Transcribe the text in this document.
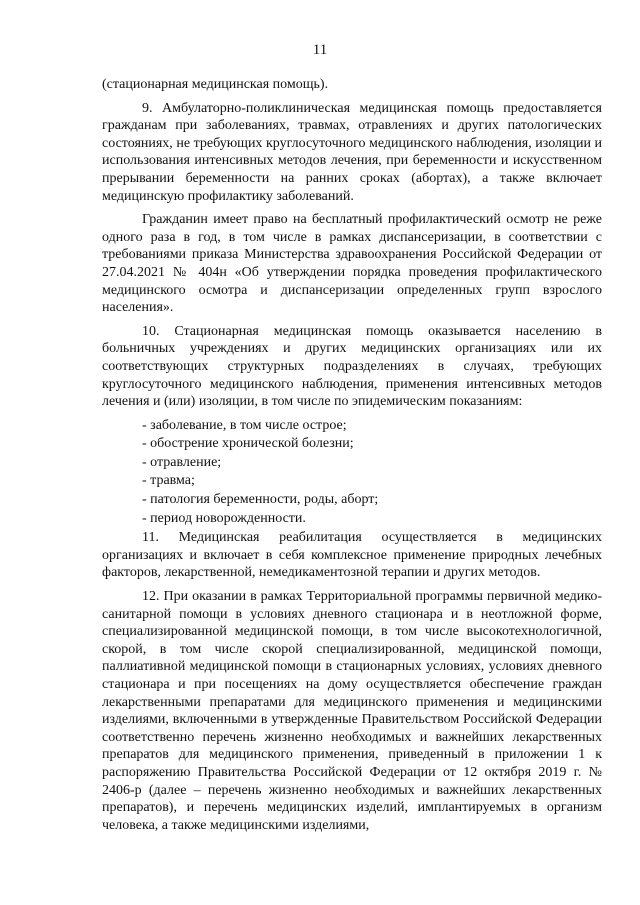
11

(стационарная медицинская помощь).

9. Амбулаторно-поликлиническая медицинская помощь предоставляется гражданам при заболеваниях, травмах, отравлениях и других патологических состояниях, не требующих круглосуточного медицинского наблюдения, изоляции и использования интенсивных методов лечения, при беременности и искусственном прерывании беременности на ранних сроках (абортах), а также включает медицинскую профилактику заболеваний.

Гражданин имеет право на бесплатный профилактический осмотр не реже одного раза в год, в том числе в рамках диспансеризации, в соответствии с требованиями приказа Министерства здравоохранения Российской Федерации от 27.04.2021 № 404н «Об утверждении порядка проведения профилактического медицинского осмотра и диспансеризации определенных групп взрослого населения».

10. Стационарная медицинская помощь оказывается населению в больничных учреждениях и других медицинских организациях или их соответствующих структурных подразделениях в случаях, требующих круглосуточного медицинского наблюдения, применения интенсивных методов лечения и (или) изоляции, в том числе по эпидемическим показаниям:

- заболевание, в том числе острое;
- обострение хронической болезни;
- отравление;
- травма;
- патология беременности, роды, аборт;
- период новорожденности.

11. Медицинская реабилитация осуществляется в медицинских организациях и включает в себя комплексное применение природных лечебных факторов, лекарственной, немедикаментозной терапии и других методов.

12. При оказании в рамках Территориальной программы первичной медико-санитарной помощи в условиях дневного стационара и в неотложной форме, специализированной медицинской помощи, в том числе высокотехнологичной, скорой, в том числе скорой специализированной, медицинской помощи, паллиативной медицинской помощи в стационарных условиях, условиях дневного стационара и при посещениях на дому осуществляется обеспечение граждан лекарственными препаратами для медицинского применения и медицинскими изделиями, включенными в утвержденные Правительством Российской Федерации соответственно перечень жизненно необходимых и важнейших лекарственных препаратов для медицинского применения, приведенный в приложении 1 к распоряжению Правительства Российской Федерации от 12 октября 2019 г. № 2406-р (далее – перечень жизненно необходимых и важнейших лекарственных препаратов), и перечень медицинских изделий, имплантируемых в организм человека, а также медицинскими изделиями,
